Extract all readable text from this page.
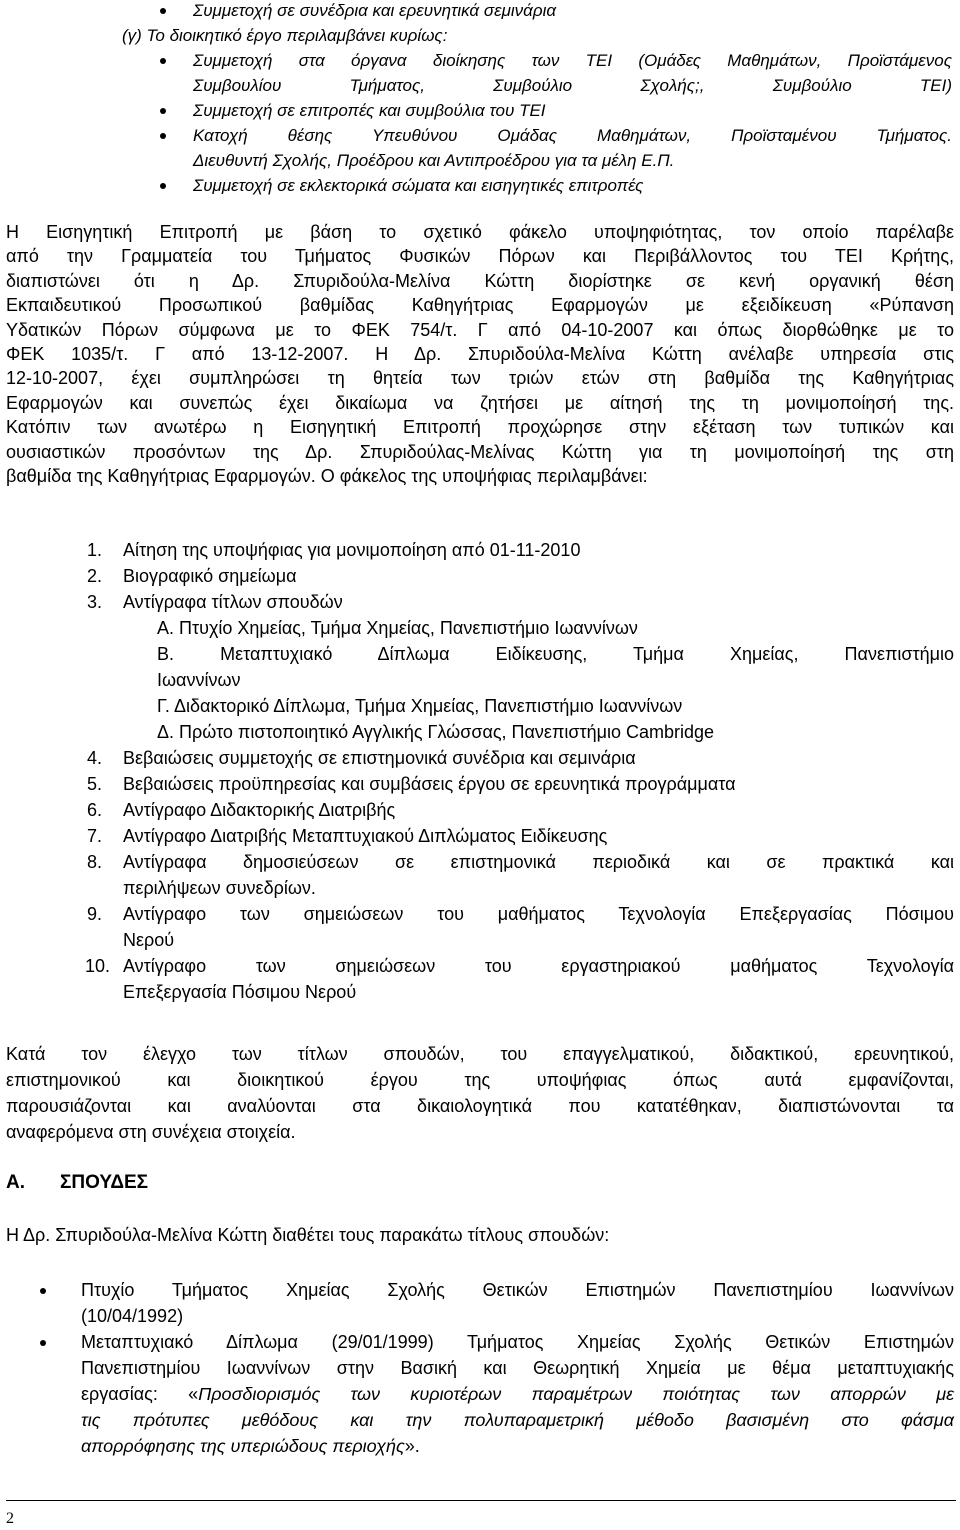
Συμμετοχή σε συνέδρια και ερευνητικά σεμινάρια
(γ) Το διοικητικό έργο περιλαμβάνει κυρίως:
Συμμετοχή στα όργανα διοίκησης των ΤΕΙ (Ομάδες Μαθημάτων, Προϊστάμενος
Συμβουλίου Τμήματος, Συμβούλιο Σχολής;, Συμβούλιο ΤΕΙ)
Συμμετοχή σε επιτροπές και συμβούλια του ΤΕΙ
Κατοχή θέσης Υπευθύνου Ομάδας Μαθημάτων, Προϊσταμένου Τμήματος.
Διευθυντή Σχολής, Προέδρου και Αντιπροέδρου για τα μέλη Ε.Π.
Συμμετοχή σε εκλεκτορικά σώματα και εισηγητικές επιτροπές
Η Εισηγητική Επιτροπή με βάση το σχετικό φάκελο υποψηφιότητας, τον οποίο παρέλαβε
από την Γραμματεία του Τμήματος Φυσικών Πόρων και Περιβάλλοντος του ΤΕΙ Κρήτης,
διαπιστώνει ότι η Δρ. Σπυριδούλα-Μελίνα Κώττη διορίστηκε σε κενή οργανική θέση
Εκπαιδευτικού Προσωπικού βαθμίδας Καθηγήτριας Εφαρμογών με εξειδίκευση «Ρύπανση
Υδατικών Πόρων σύμφωνα με το ΦΕΚ 754/τ. Γ από 04-10-2007 και όπως διορθώθηκε με το
ΦΕΚ 1035/τ. Γ από 13-12-2007. Η Δρ. Σπυριδούλα-Μελίνα Κώττη ανέλαβε υπηρεσία στις
12-10-2007, έχει συμπληρώσει τη θητεία των τριών ετών στη βαθμίδα της Καθηγήτριας
Εφαρμογών και συνεπώς έχει δικαίωμα να ζητήσει με αίτησή της τη μονιμοποίησή της.
Κατόπιν των ανωτέρω η Εισηγητική Επιτροπή προχώρησε στην εξέταση των τυπικών και
ουσιαστικών προσόντων της Δρ. Σπυριδούλας-Μελίνας Κώττη για τη μονιμοποίησή της στη
βαθμίδα της Καθηγήτριας Εφαρμογών. Ο φάκελος της υποψήφιας περιλαμβάνει:
1. Αίτηση της υποψήφιας για μονιμοποίηση από 01-11-2010
2. Βιογραφικό σημείωμα
3. Αντίγραφα τίτλων σπουδών
Α. Πτυχίο Χημείας, Τμήμα Χημείας, Πανεπιστήμιο Ιωαννίνων
Β. Μεταπτυχιακό Δίπλωμα Ειδίκευσης, Τμήμα Χημείας, Πανεπιστήμιο
Ιωαννίνων
Γ. Διδακτορικό Δίπλωμα, Τμήμα Χημείας, Πανεπιστήμιο Ιωαννίνων
Δ. Πρώτο πιστοποιητικό Αγγλικής Γλώσσας, Πανεπιστήμιο Cambridge
4. Βεβαιώσεις συμμετοχής σε επιστημονικά συνέδρια και σεμινάρια
5. Βεβαιώσεις προϋπηρεσίας και συμβάσεις έργου σε ερευνητικά προγράμματα
6. Αντίγραφο Διδακτορικής Διατριβής
7. Αντίγραφο Διατριβής Μεταπτυχιακού Διπλώματος Ειδίκευσης
8. Αντίγραφα δημοσιεύσεων σε επιστημονικά περιοδικά και σε πρακτικά και
περιλήψεων συνεδρίων.
9. Αντίγραφο των σημειώσεων του μαθήματος Τεχνολογία Επεξεργασίας Πόσιμου
Νερού
10. Αντίγραφο των σημειώσεων του εργαστηριακού μαθήματος Τεχνολογία
Επεξεργασία Πόσιμου Νερού
Κατά τον έλεγχο των τίτλων σπουδών, του επαγγελματικού, διδακτικού, ερευνητικού,
επιστημονικού και διοικητικού έργου της υποψήφιας όπως αυτά εμφανίζονται,
παρουσιάζονται και αναλύονται στα δικαιολογητικά που κατατέθηκαν, διαπιστώνονται τα
αναφερόμενα στη συνέχεια στοιχεία.
Α. ΣΠΟΥΔΕΣ
Η Δρ. Σπυριδούλα-Μελίνα Κώττη διαθέτει τους παρακάτω τίτλους σπουδών:
Πτυχίο Τμήματος Χημείας Σχολής Θετικών Επιστημών Πανεπιστημίου Ιωαννίνων
(10/04/1992)
Μεταπτυχιακό Δίπλωμα (29/01/1999) Τμήματος Χημείας Σχολής Θετικών Επιστημών
Πανεπιστημίου Ιωαννίνων στην Βασική και Θεωρητική Χημεία με θέμα μεταπτυχιακής
εργασίας: «Προσδιορισμός των κυριοτέρων παραμέτρων ποιότητας των απορρών με
τις πρότυπες μεθόδους και την πολυπαραμετρική μέθοδο βασισμένη στο φάσμα
απορρόφησης της υπεριώδους περιοχής».
2
